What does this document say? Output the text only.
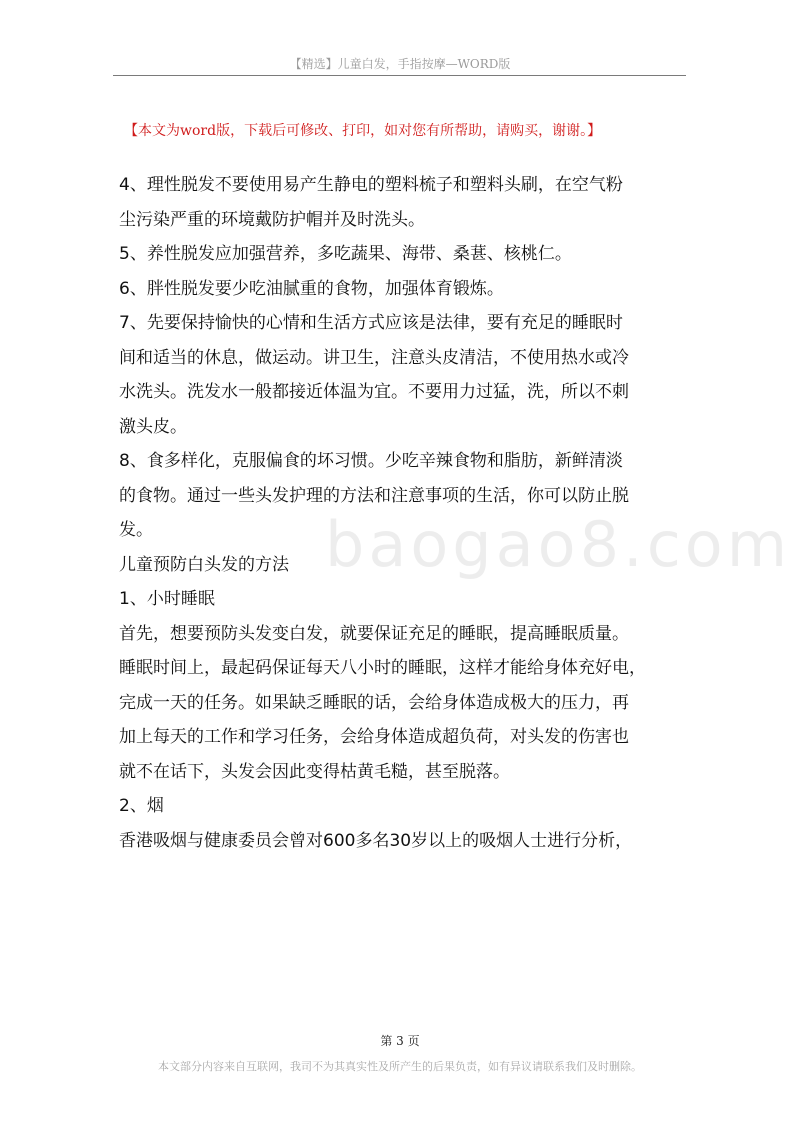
【精选】儿童白发，手指按摩—WORD版
【本文为word版，下载后可修改、打印，如对您有所帮助，请购买，谢谢。】
baogao8.com

4、理性脱发不要使用易产生静电的塑料梳子和塑料头刷，在空气粉

尘污染严重的环境戴防护帽并及时洗头。

5、养性脱发应加强营养，多吃蔬果、海带、桑葚、核桃仁。

6、胖性脱发要少吃油腻重的食物，加强体育锻炼。

7、先要保持愉快的心情和生活方式应该是法律，要有充足的睡眠时

间和适当的休息，做运动。讲卫生，注意头皮清洁，不使用热水或冷

水洗头。洗发水一般都接近体温为宜。不要用力过猛，洗，所以不刺

激头皮。

8、食多样化，克服偏食的坏习惯。少吃辛辣食物和脂肪，新鲜清淡

的食物。通过一些头发护理的方法和注意事项的生活，你可以防止脱

发。

儿童预防白头发的方法

1、小时睡眠

首先，想要预防头发变白发，就要保证充足的睡眠，提高睡眠质量。

睡眠时间上，最起码保证每天八小时的睡眠，这样才能给身体充好电，

完成一天的任务。如果缺乏睡眠的话，会给身体造成极大的压力，再

加上每天的工作和学习任务，会给身体造成超负荷，对头发的伤害也

就不在话下，头发会因此变得枯黄毛糙，甚至脱落。

2、烟

香港吸烟与健康委员会曾对600多名30岁以上的吸烟人士进行分析，

第 3 页
本文部分内容来自互联网，我司不为其真实性及所产生的后果负责，如有异议请联系我们及时删除。
